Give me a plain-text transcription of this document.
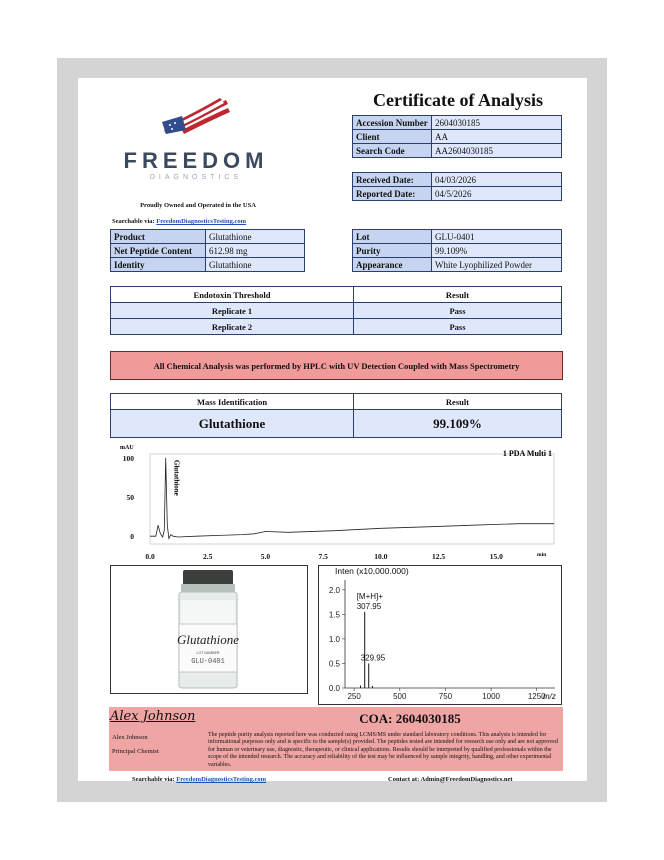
FREEDOM
DIAGNOSTICS
Proudly Owned and Operated in the USA
Searchable via: FreedomDiagnosticsTesting.com
Certificate of Analysis
Accession Number	2604030185
Client	AA
Search Code	AA2604030185
Received Date:	04/03/2026
Reported Date:	04/5/2026
Product	Glutathione
Net Peptide Content	612.98 mg
Identity	Glutathione
Lot	GLU-0401
Purity	99.109%
Appearance	White Lyophilized Powder
Endotoxin Threshold	Result
Replicate 1	Pass
Replicate 2	Pass
All Chemical Analysis was performed by HPLC with UV Detection Coupled with Mass Spectrometry
Mass Identification	Result
Glutathione	99.109%
0
50
100
0.0	2.5	5.0	7.5	10.0	12.5	15.0
mAU
min
1 PDA Multi 1
Glutathione
Glutathione
LOT NUMBER
GLU-0401
Inten (x10,000.000)
307.95
329.95
0.0
0.5
1.0
1.5
2.0
250	500	750	1000	1250
[M+H]+
m/z
Alex Johnson
Alex Johnson
Principal Chemist
COA: 2604030185
The peptide purity analysis reported here was conducted using LCMS/MS under standard laboratory conditions. This analysis is intended for informational purposes only and is specific to the sample(s) provided. The peptides tested are intended for research use only and are not approved for human or veterinary use, diagnostic, therapeutic, or clinical applications. Results should be interpreted by qualified professionals within the scope of the intended research. The accuracy and reliability of the test may be influenced by sample integrity, handling, and other experimental variables.
Searchable via: FreedomDiagnosticsTesting.com	Contact at: Admin@FreedomDiagnostics.net
